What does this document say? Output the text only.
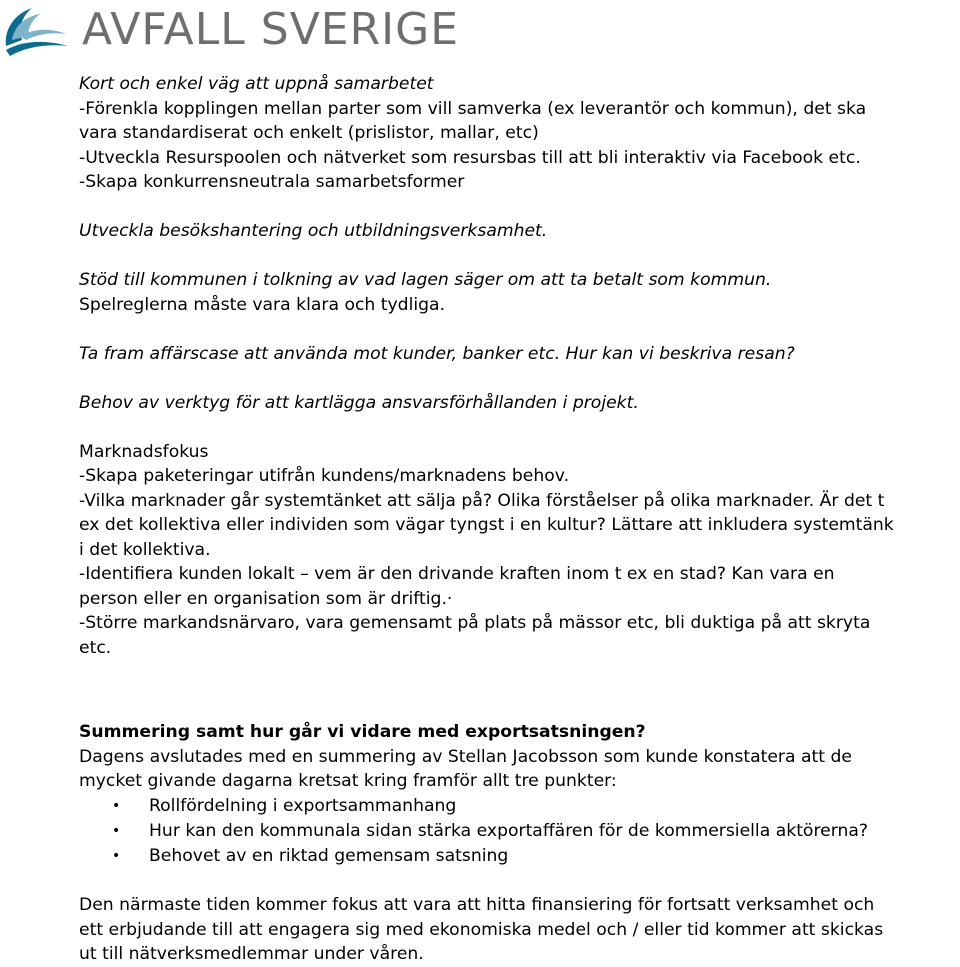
AVFALL SVERIGE

Kort och enkel väg att uppnå samarbetet

-Förenkla kopplingen mellan parter som vill samverka (ex leverantör och kommun), det ska

vara standardiserat och enkelt (prislistor, mallar, etc)

-Utveckla Resurspoolen och nätverket som resursbas till att bli interaktiv via Facebook etc.

-Skapa konkurrensneutrala samarbetsformer

Utveckla besökshantering och utbildningsverksamhet.

Stöd till kommunen i tolkning av vad lagen säger om att ta betalt som kommun.

Spelreglerna måste vara klara och tydliga.

Ta fram affärscase att använda mot kunder, banker etc. Hur kan vi beskriva resan?

Behov av verktyg för att kartlägga ansvarsförhållanden i projekt.

Marknadsfokus

-Skapa paketeringar utifrån kundens/marknadens behov.

-Vilka marknader går systemtänket att sälja på? Olika förståelser på olika marknader. Är det t

ex det kollektiva eller individen som vägar tyngst i en kultur? Lättare att inkludera systemtänk

i det kollektiva.

-Identifiera kunden lokalt – vem är den drivande kraften inom t ex en stad? Kan vara en

person eller en organisation som är driftig.·

-Större markandsnärvaro, vara gemensamt på plats på mässor etc, bli duktiga på att skryta

etc.

Summering samt hur går vi vidare med exportsatsningen?

Dagens avslutades med en summering av Stellan Jacobsson som kunde konstatera att de

mycket givande dagarna kretsat kring framför allt tre punkter:

• Rollfördelning i exportsammanhang
• Hur kan den kommunala sidan stärka exportaffären för de kommersiella aktörerna?
• Behovet av en riktad gemensam satsning

Den närmaste tiden kommer fokus att vara att hitta finansiering för fortsatt verksamhet och

ett erbjudande till att engagera sig med ekonomiska medel och / eller tid kommer att skickas

ut till nätverksmedlemmar under våren.
